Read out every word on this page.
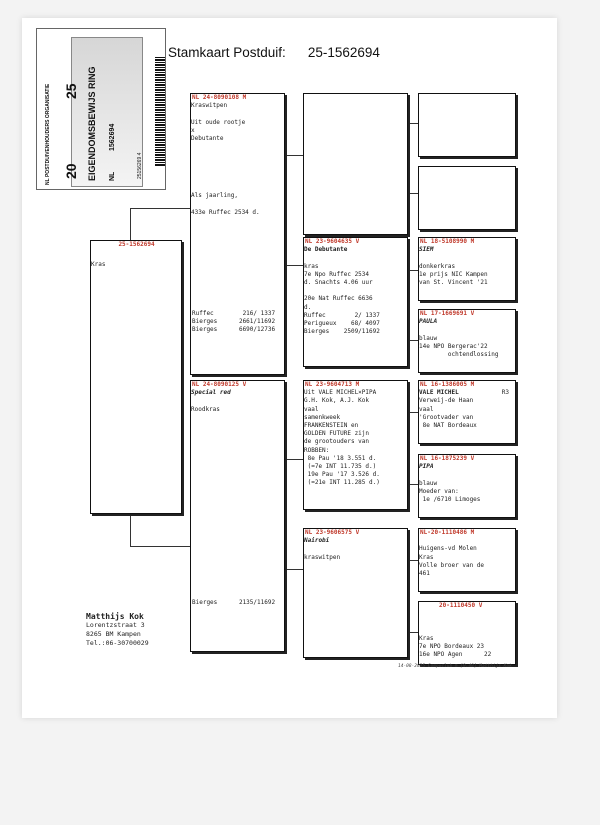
NL POSTDUIVENHOUDERS ORGANISATIE 20
25 EIGENDOMSBEWIJS RING NL
1562694
25156269 4
Stamkaart Postduif: 25-1562694
25-1562694
Kras
NL 24-8090108 M
Kraswitpen

Uit oude rootje
x
Debutante

Als jaarling,

433e Ruffec 2534 d.
Ruffec        216/ 1337
Bierges      2661/11692
Bierges      6690/12736
NL 24-8090125 V
Special red

Roodkras
Bierges      2135/11692
NL 23-9604635 V
De Debutante

kras
7e Npo Ruffec 2534
d. Snachts 4.06 uur

20e Nat Ruffec 6636
d.
Ruffec        2/ 1337
Perigueux    68/ 4097
Bierges    2509/11692
NL 23-9604713 M
Uit VALE MICHEL×PIPA
G.H. Kok, A.J. Kok
vaal
samenkweek
FRANKENSTEIN en
GOLDEN FUTURE zijn
de grootouders van
ROBBEN:
8e Pau '18 3.551 d.
(=7e INT 11.735 d.)
19e Pau '17 3.526 d.
(=21e INT 11.285 d.)
NL 23-9606575 V
Nairobi

kraswitpen
NL 18-5108990 M
SIEM

donkerkras
1e prijs NIC Kampen
van St. Vincent '21
NL 17-1669691 V
PAULA

blauw
14e NPO Bergerac'22
ochtendlossing
NL 16-1386005 M
VALE MICHEL	R3
Verweij-de Haan
vaal
'Grootvader van
8e NAT Bordeaux
NL 16-1875239 V
PIPA

blauw
Moeder van:
1e /6710 Limoges
NL-20-1110486 M

Huigens-vd Molen
Kras
Volle broer van de
461
20-1110450 V

Kras
7e NPO Bordeaux 23
16e NPO Agen      22
Matthijs Kok
Lorentzstraat 3
8265 BM Kampen
Tel.:06-30700029
14-08-2025 Compuclub ® [9.48] Matthijs Kok
